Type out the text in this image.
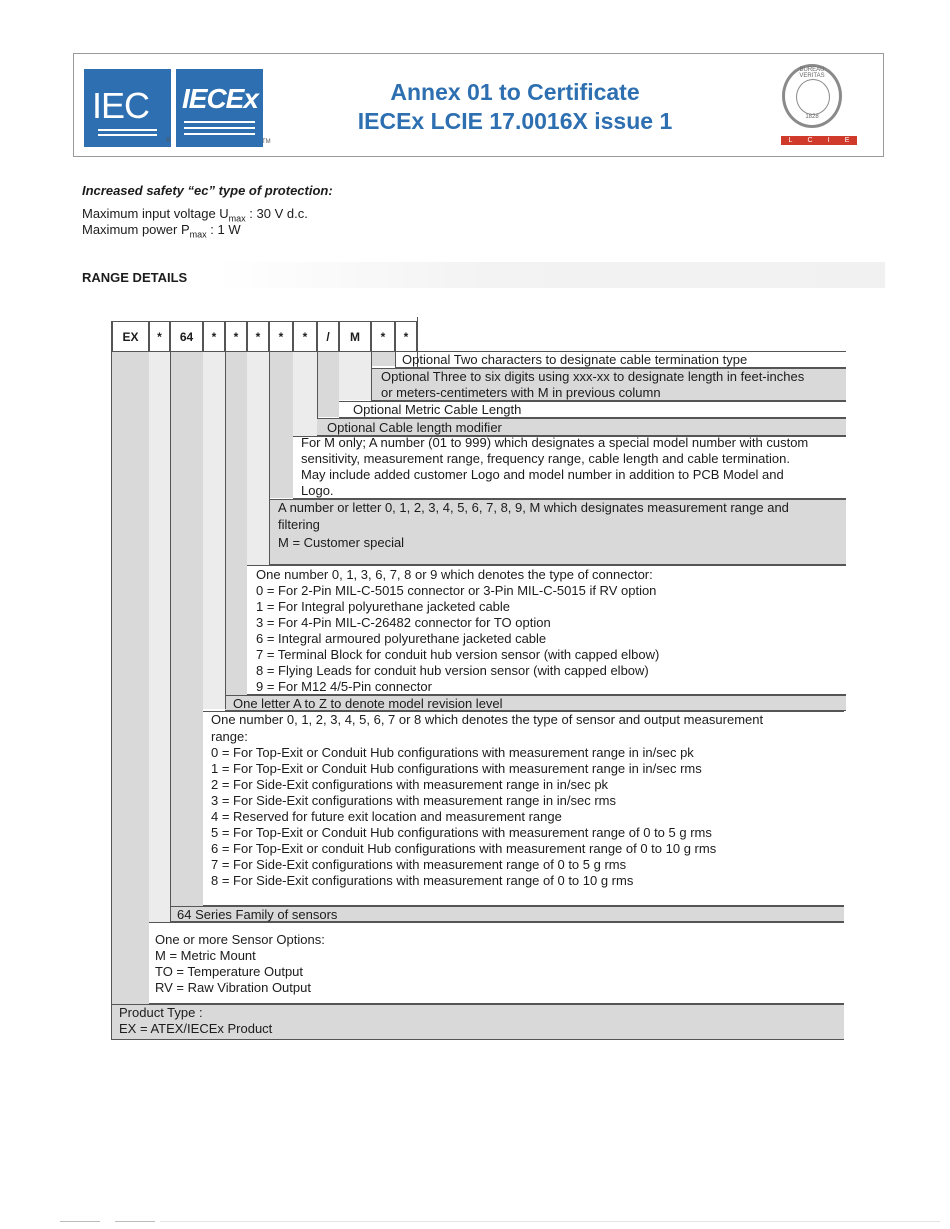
IEC
®
IECEx
TM
Annex 01 to Certificate
IECEx LCIE 17.0016X issue 1
BUREAU VERITAS
1828
L C I E
Increased safety “ec” type of protection:
Maximum input voltage $U_{max}$ : 30 V d.c.
Maximum power $P_{max}$ : 1 W
RANGE DETAILS
EX	*	64	*	*	*	*	*	/	M	*	*
Optional Two characters to designate cable termination type
Optional Three to six digits using xxx-xx to designate length in feet-inches
or meters-centimeters with M in previous column
Optional Metric Cable Length
Optional Cable length modifier
For M only; A number (01 to 999) which designates a special model number with custom
sensitivity, measurement range, frequency range, cable length and cable termination.
May include added customer Logo and model number in addition to PCB Model and
Logo.
A number or letter 0, 1, 2, 3, 4, 5, 6, 7, 8, 9, M which designates measurement range and
filtering
M = Customer special
One number 0, 1, 3, 6, 7, 8 or 9 which denotes the type of connector:
0 = For 2-Pin MIL-C-5015 connector or 3-Pin MIL-C-5015 if RV option
1 = For Integral polyurethane jacketed cable
3 = For 4-Pin MIL-C-26482 connector for TO option
6 = Integral armoured polyurethane jacketed cable
7 = Terminal Block for conduit hub version sensor (with capped elbow)
8 = Flying Leads for conduit hub version sensor (with capped elbow)
9 = For M12 4/5-Pin connector
One letter A to Z to denote model revision level
One number 0, 1, 2, 3, 4, 5, 6, 7 or 8 which denotes the type of sensor and output measurement
range:
0 = For Top-Exit or Conduit Hub configurations with measurement range in in/sec pk
1 = For Top-Exit or Conduit Hub configurations with measurement range in in/sec rms
2 = For Side-Exit configurations with measurement range in in/sec pk
3 = For Side-Exit configurations with measurement range in in/sec rms
4 = Reserved for future exit location and measurement range
5 = For Top-Exit or Conduit Hub configurations with measurement range of 0 to 5 g rms
6 = For Top-Exit or conduit Hub configurations with measurement range of 0 to 10 g rms
7 = For Side-Exit configurations with measurement range of 0 to 5 g rms
8 = For Side-Exit configurations with measurement range of 0 to 10 g rms
64 Series Family of sensors
One or more Sensor Options:
M = Metric Mount
TO = Temperature Output
RV = Raw Vibration Output
Product Type :
EX = ATEX/IECEx Product
